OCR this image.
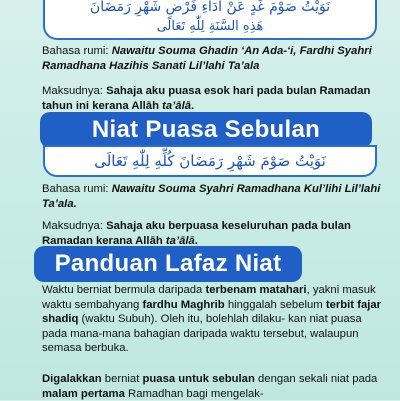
نَوَيْتُ صَوْمَ غَدٍ عَنْ أَدَاءِ فَرْضِ شَهْرِ رَمَضَانَ
هَذِهِ السَّنَةِ لِلّٰهِ تَعَالَى
Bahasa rumi: Nawaitu Souma Ghadin ‘An Ada-‘i, Fardhi Syahri Ramadhana Hazihis Sanati Lil’lahi Ta’ala
Maksudnya: Sahaja aku puasa esok hari pada bulan Ramadan tahun ini kerana Allāh ta’ālā.
Niat Puasa Sebulan
نَوَيْتُ صَوْمَ شَهْرِ رَمَضَانَ كُلِّهِ لِلّٰهِ تَعَالَى
Bahasa rumi: Nawaitu Souma Syahri Ramadhana Kul’lihi Lil’lahi Ta’ala.
Maksudnya: Sahaja aku berpuasa keseluruhan pada bulan Ramadan kerana Allāh ta’ālā.
Panduan Lafaz Niat
Waktu berniat bermula daripada terbenam matahari, yakni masuk waktu sembahyang fardhu Maghrib hinggalah sebelum terbit fajar shadiq (waktu Subuh). Oleh itu, bolehlah dilaku- kan niat puasa pada mana-mana bahagian daripada waktu tersebut, walaupun semasa berbuka.
Digalakkan berniat puasa untuk sebulan dengan sekali niat pada malam pertama Ramadhan bagi mengelak-
